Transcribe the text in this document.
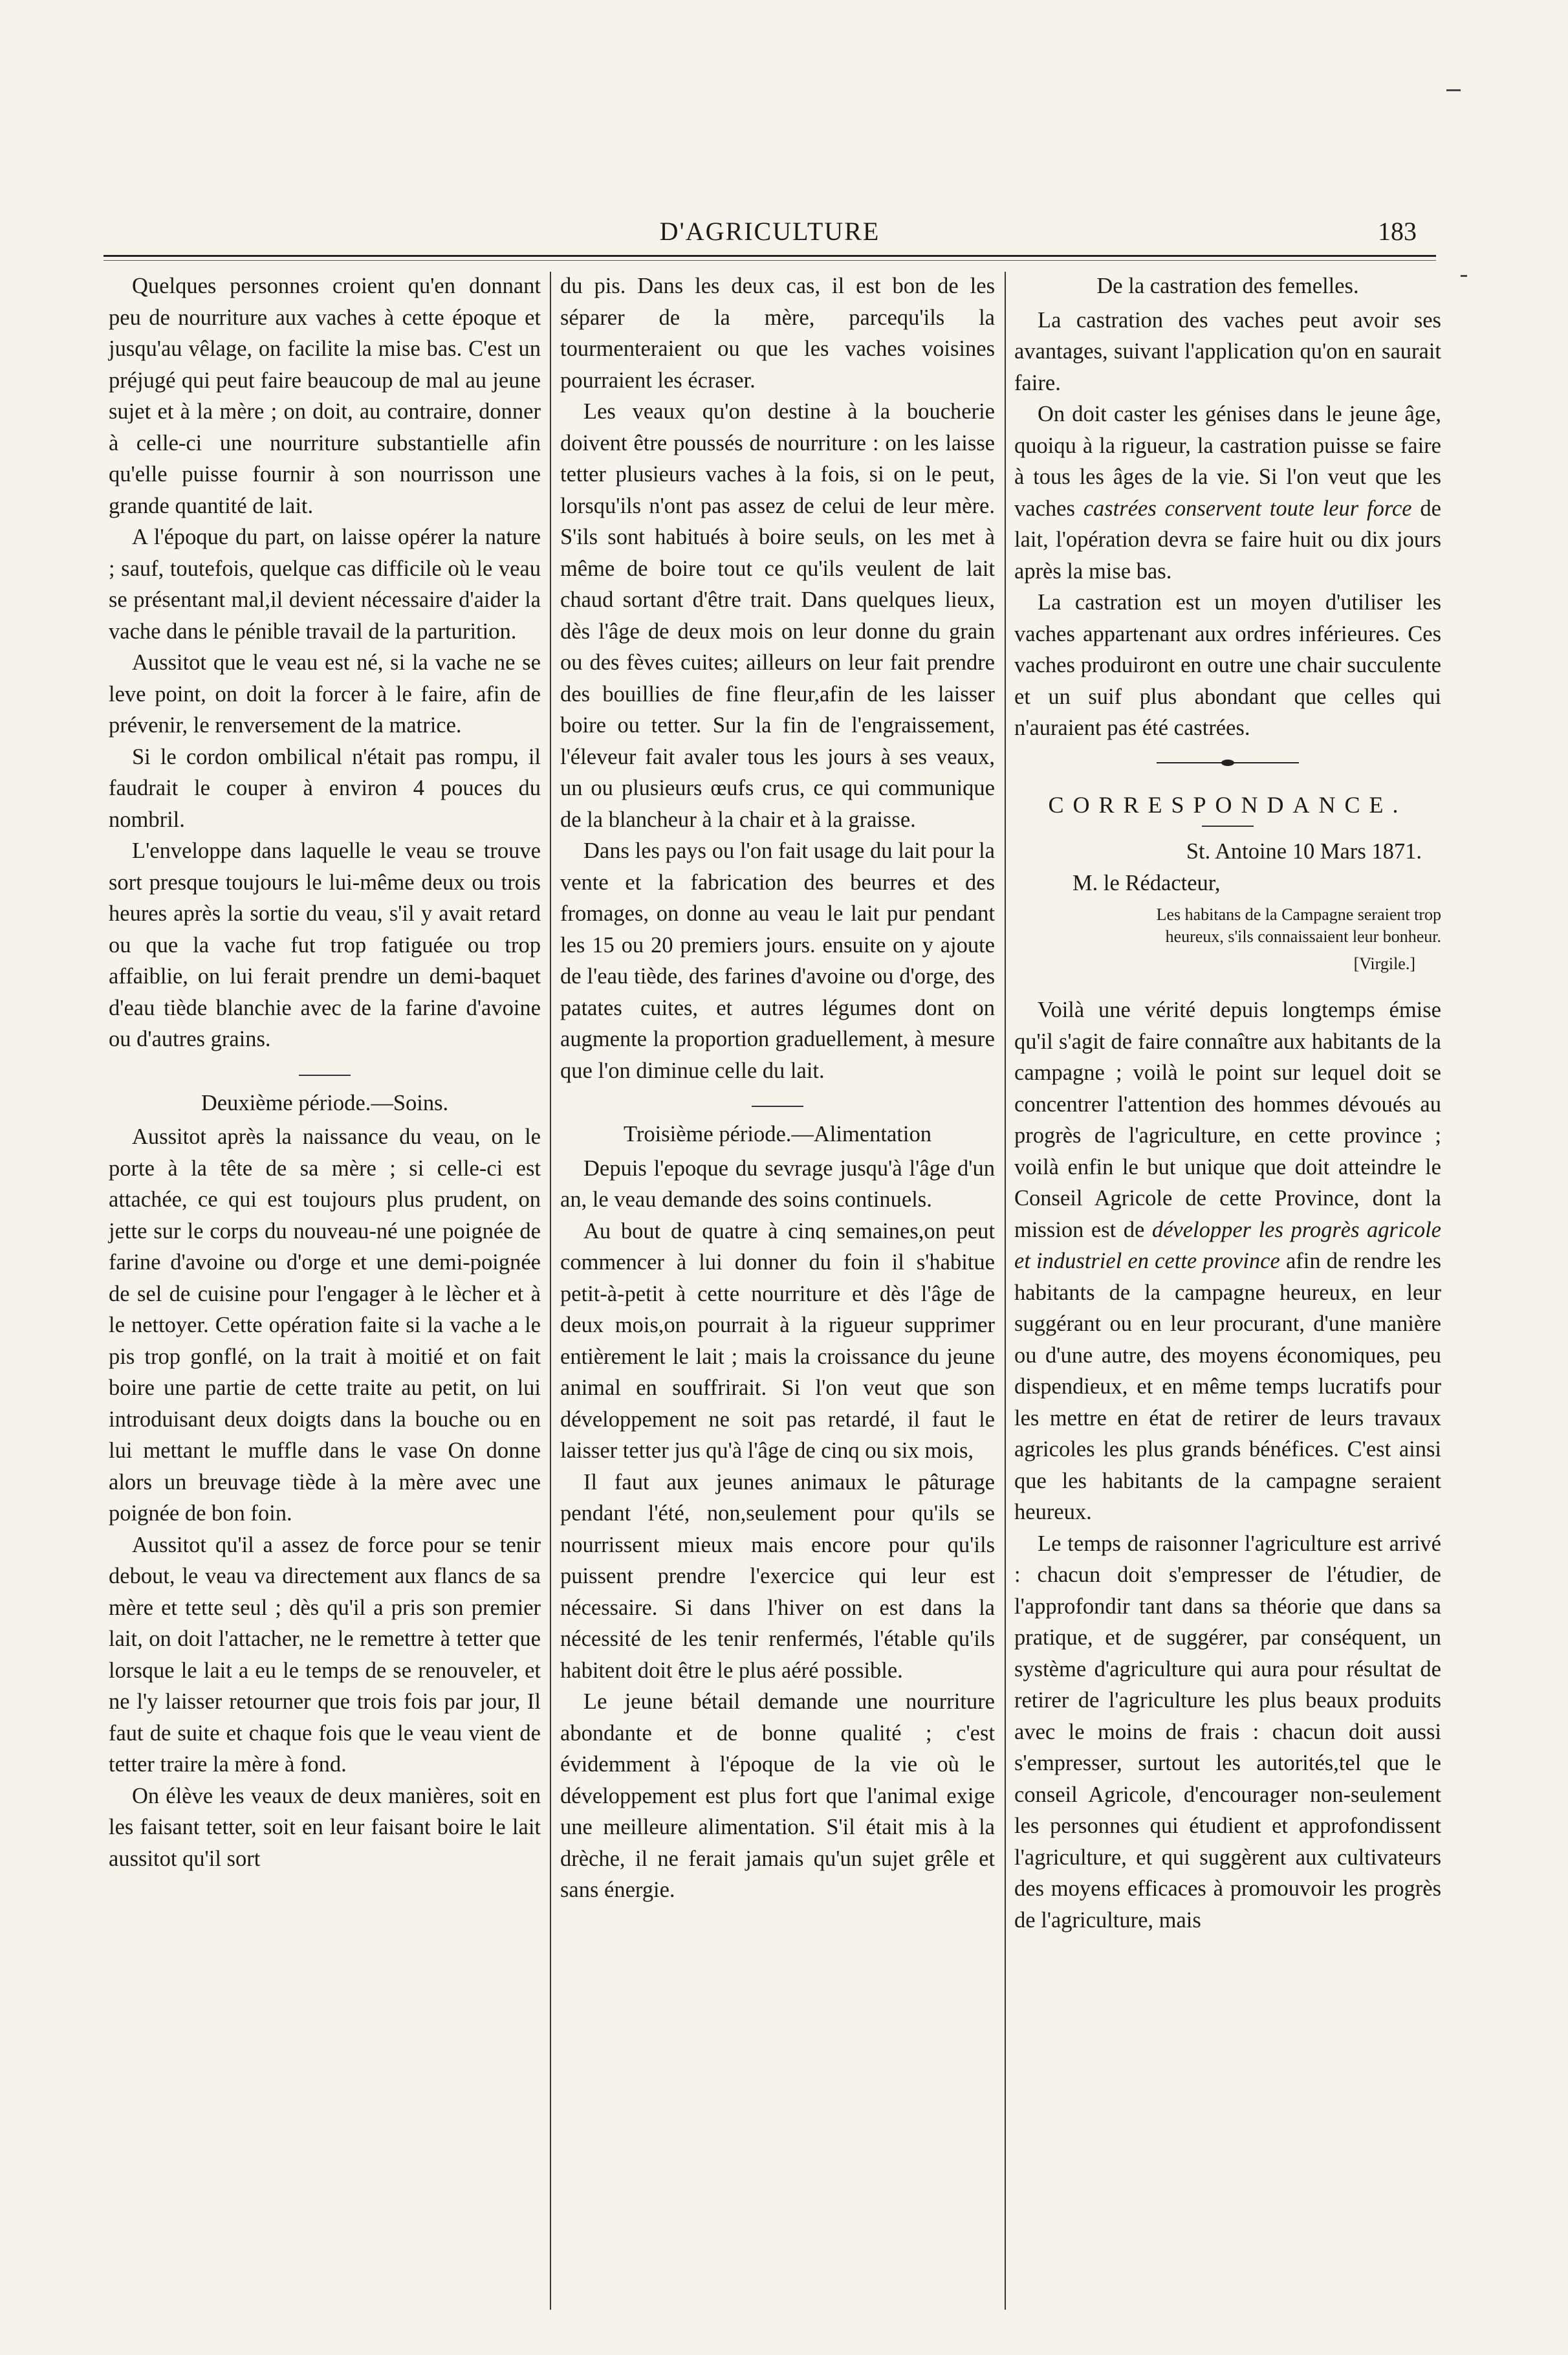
D'AGRICULTURE	183

Quelques personnes croient qu'en donnant peu de nourriture aux vaches à cette époque et jusqu'au vêlage, on facilite la mise bas. C'est un préjugé qui peut faire beaucoup de mal au jeune sujet et à la mère ; on doit, au contraire, donner à celle-ci une nourriture substantielle afin qu'elle puisse fournir à son nourrisson une grande quantité de lait.

A l'époque du part, on laisse opérer la nature ; sauf, toutefois, quelque cas difficile où le veau se présentant mal,il devient nécessaire d'aider la vache dans le pénible travail de la parturition.

Aussitot que le veau est né, si la vache ne se leve point, on doit la forcer à le faire, afin de prévenir, le renversement de la matrice.

Si le cordon ombilical n'était pas rompu, il faudrait le couper à environ 4 pouces du nombril.

L'enveloppe dans laquelle le veau se trouve sort presque toujours le lui-même deux ou trois heures après la sortie du veau, s'il y avait retard ou que la vache fut trop fatiguée ou trop affaiblie, on lui ferait prendre un demi-baquet d'eau tiède blanchie avec de la farine d'avoine ou d'autres grains.

Deuxième période.—Soins.

Aussitot après la naissance du veau, on le porte à la tête de sa mère ; si celle-ci est attachée, ce qui est toujours plus prudent, on jette sur le corps du nouveau-né une poignée de farine d'avoine ou d'orge et une demi-poignée de sel de cuisine pour l'engager à le lècher et à le nettoyer. Cette opération faite si la vache a le pis trop gonflé, on la trait à moitié et on fait boire une partie de cette traite au petit, on lui introduisant deux doigts dans la bouche ou en lui mettant le muffle dans le vase On donne alors un breuvage tiède à la mère avec une poignée de bon foin.

Aussitot qu'il a assez de force pour se tenir debout, le veau va directement aux flancs de sa mère et tette seul ; dès qu'il a pris son premier lait, on doit l'attacher, ne le remettre à tetter que lorsque le lait a eu le temps de se renouveler, et ne l'y laisser retourner que trois fois par jour, Il faut de suite et chaque fois que le veau vient de tetter traire la mère à fond.

On élève les veaux de deux manières, soit en les faisant tetter, soit en leur faisant boire le lait aussitot qu'il sort

du pis. Dans les deux cas, il est bon de les séparer de la mère, parcequ'ils la tourmenteraient ou que les vaches voisines pourraient les écraser.

Les veaux qu'on destine à la boucherie doivent être poussés de nourriture : on les laisse tetter plusieurs vaches à la fois, si on le peut, lorsqu'ils n'ont pas assez de celui de leur mère. S'ils sont habitués à boire seuls, on les met à même de boire tout ce qu'ils veulent de lait chaud sortant d'être trait. Dans quelques lieux, dès l'âge de deux mois on leur donne du grain ou des fèves cuites; ailleurs on leur fait prendre des bouillies de fine fleur,afin de les laisser boire ou tetter. Sur la fin de l'engraissement, l'éleveur fait avaler tous les jours à ses veaux, un ou plusieurs œufs crus, ce qui communique de la blancheur à la chair et à la graisse.

Dans les pays ou l'on fait usage du lait pour la vente et la fabrication des beurres et des fromages, on donne au veau le lait pur pendant les 15 ou 20 premiers jours. ensuite on y ajoute de l'eau tiède, des farines d'avoine ou d'orge, des patates cuites, et autres légumes dont on augmente la proportion graduellement, à mesure que l'on diminue celle du lait.

Troisième période.—Alimentation

Depuis l'epoque du sevrage jusqu'à l'âge d'un an, le veau demande des soins continuels.

Au bout de quatre à cinq semaines,on peut commencer à lui donner du foin il s'habitue petit-à-petit à cette nourriture et dès l'âge de deux mois,on pourrait à la rigueur supprimer entièrement le lait ; mais la croissance du jeune animal en souffrirait. Si l'on veut que son développement ne soit pas retardé, il faut le laisser tetter jus qu'à l'âge de cinq ou six mois,

Il faut aux jeunes animaux le pâturage pendant l'été, non,seulement pour qu'ils se nourrissent mieux mais encore pour qu'ils puissent prendre l'exercice qui leur est nécessaire. Si dans l'hiver on est dans la nécessité de les tenir renfermés, l'étable qu'ils habitent doit être le plus aéré possible.

Le jeune bétail demande une nourriture abondante et de bonne qualité ; c'est évidemment à l'époque de la vie où le développement est plus fort que l'animal exige une meilleure alimentation. S'il était mis à la drèche, il ne ferait jamais qu'un sujet grêle et sans énergie.

De la castration des femelles.

La castration des vaches peut avoir ses avantages, suivant l'application qu'on en saurait faire.

On doit caster les génises dans le jeune âge, quoiqu à la rigueur, la castration puisse se faire à tous les âges de la vie. Si l'on veut que les vaches castrées conservent toute leur force de lait, l'opération devra se faire huit ou dix jours après la mise bas.

La castration est un moyen d'utiliser les vaches appartenant aux ordres inférieures. Ces vaches produiront en outre une chair succulente et un suif plus abondant que celles qui n'auraient pas été castrées.

CORRESPONDANCE.

St. Antoine 10 Mars 1871.

M. le Rédacteur,

Les habitans de la Campagne seraient trop heureux, s'ils connaissaient leur bonheur.

[Virgile.]

Voilà une vérité depuis longtemps émise qu'il s'agit de faire connaître aux habitants de la campagne ; voilà le point sur lequel doit se concentrer l'attention des hommes dévoués au progrès de l'agriculture, en cette province ; voilà enfin le but unique que doit atteindre le Conseil Agricole de cette Province, dont la mission est de développer les progrès agricole et industriel en cette province afin de rendre les habitants de la campagne heureux, en leur suggérant ou en leur procurant, d'une manière ou d'une autre, des moyens économiques, peu dispendieux, et en même temps lucratifs pour les mettre en état de retirer de leurs travaux agricoles les plus grands bénéfices. C'est ainsi que les habitants de la campagne seraient heureux.

Le temps de raisonner l'agriculture est arrivé : chacun doit s'empresser de l'étudier, de l'approfondir tant dans sa théorie que dans sa pratique, et de suggérer, par conséquent, un système d'agriculture qui aura pour résultat de retirer de l'agriculture les plus beaux produits avec le moins de frais : chacun doit aussi s'empresser, surtout les autorités,tel que le conseil Agricole, d'encourager non-seulement les personnes qui étudient et approfondissent l'agriculture, et qui suggèrent aux cultivateurs des moyens efficaces à promouvoir les progrès de l'agriculture, mais
